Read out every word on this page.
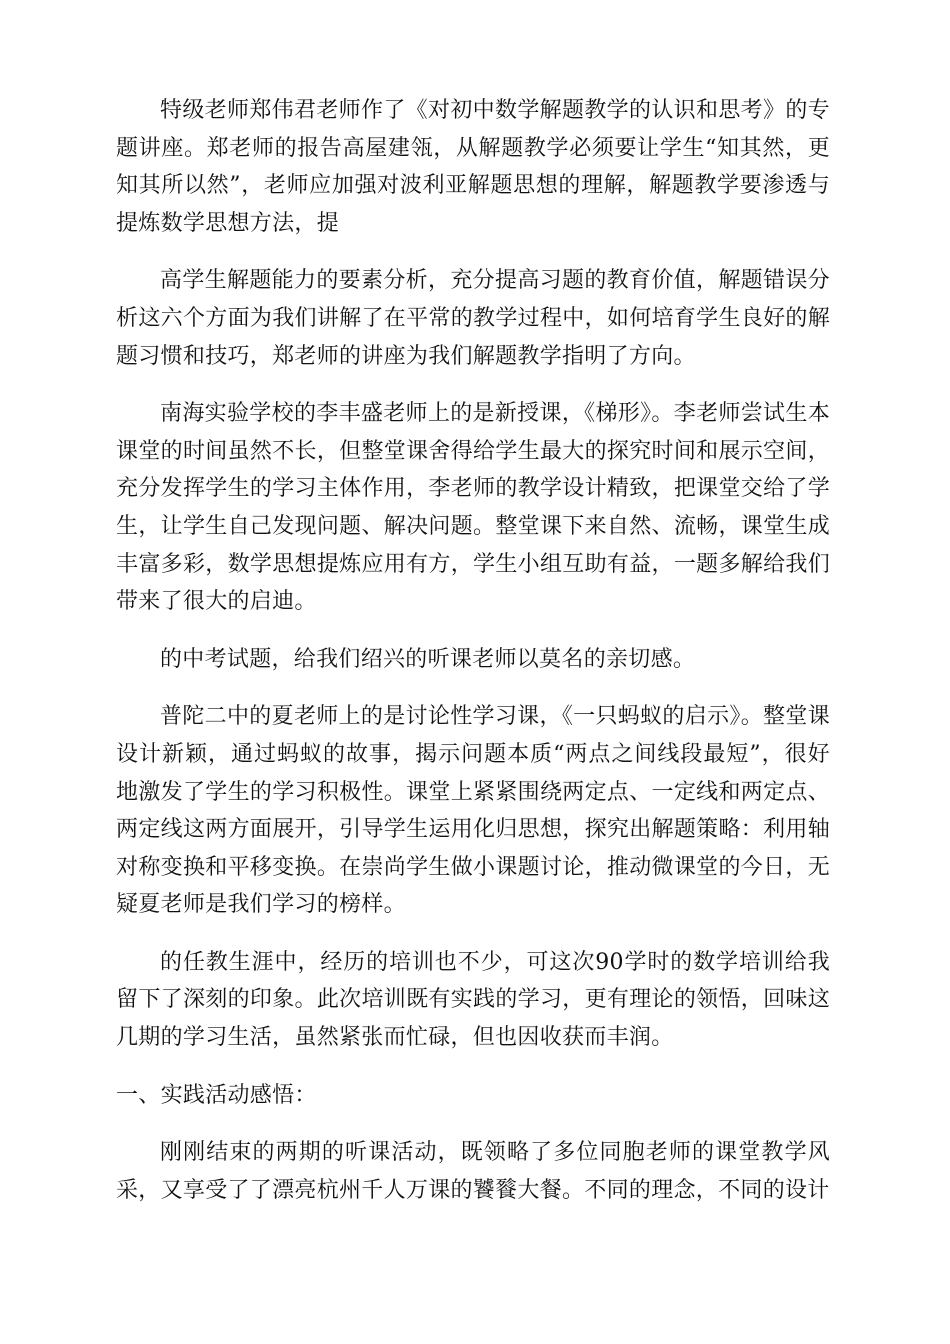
特级老师郑伟君老师作了《对初中数学解题教学的认识和思考》的专题讲座。郑老师的报告高屋建瓴，从解题教学必须要让学生“知其然，更知其所以然”，老师应加强对波利亚解题思想的理解，解题教学要渗透与提炼数学思想方法，提

高学生解题能力的要素分析，充分提高习题的教育价值，解题错误分析这六个方面为我们讲解了在平常的教学过程中，如何培育学生良好的解题习惯和技巧，郑老师的讲座为我们解题教学指明了方向。

南海实验学校的李丰盛老师上的是新授课，《梯形》。李老师尝试生本课堂的时间虽然不长，但整堂课舍得给学生最大的探究时间和展示空间，充分发挥学生的学习主体作用，李老师的教学设计精致，把课堂交给了学生，让学生自己发现问题、解决问题。整堂课下来自然、流畅，课堂生成丰富多彩，数学思想提炼应用有方，学生小组互助有益，一题多解给我们带来了很大的启迪。

的中考试题，给我们绍兴的听课老师以莫名的亲切感。

普陀二中的夏老师上的是讨论性学习课，《一只蚂蚁的启示》。整堂课设计新颖，通过蚂蚁的故事，揭示问题本质“两点之间线段最短”，很好地激发了学生的学习积极性。课堂上紧紧围绕两定点、一定线和两定点、两定线这两方面展开，引导学生运用化归思想，探究出解题策略：利用轴对称变换和平移变换。在崇尚学生做小课题讨论，推动微课堂的今日，无疑夏老师是我们学习的榜样。

的任教生涯中，经历的培训也不少，可这次90学时的数学培训给我留下了深刻的印象。此次培训既有实践的学习，更有理论的领悟，回味这几期的学习生活，虽然紧张而忙碌，但也因收获而丰润。

一、实践活动感悟：

刚刚结束的两期的听课活动，既领略了多位同胞老师的课堂教学风采，又享受了了漂亮杭州千人万课的饕餮大餐。不同的理念，不同的设计
